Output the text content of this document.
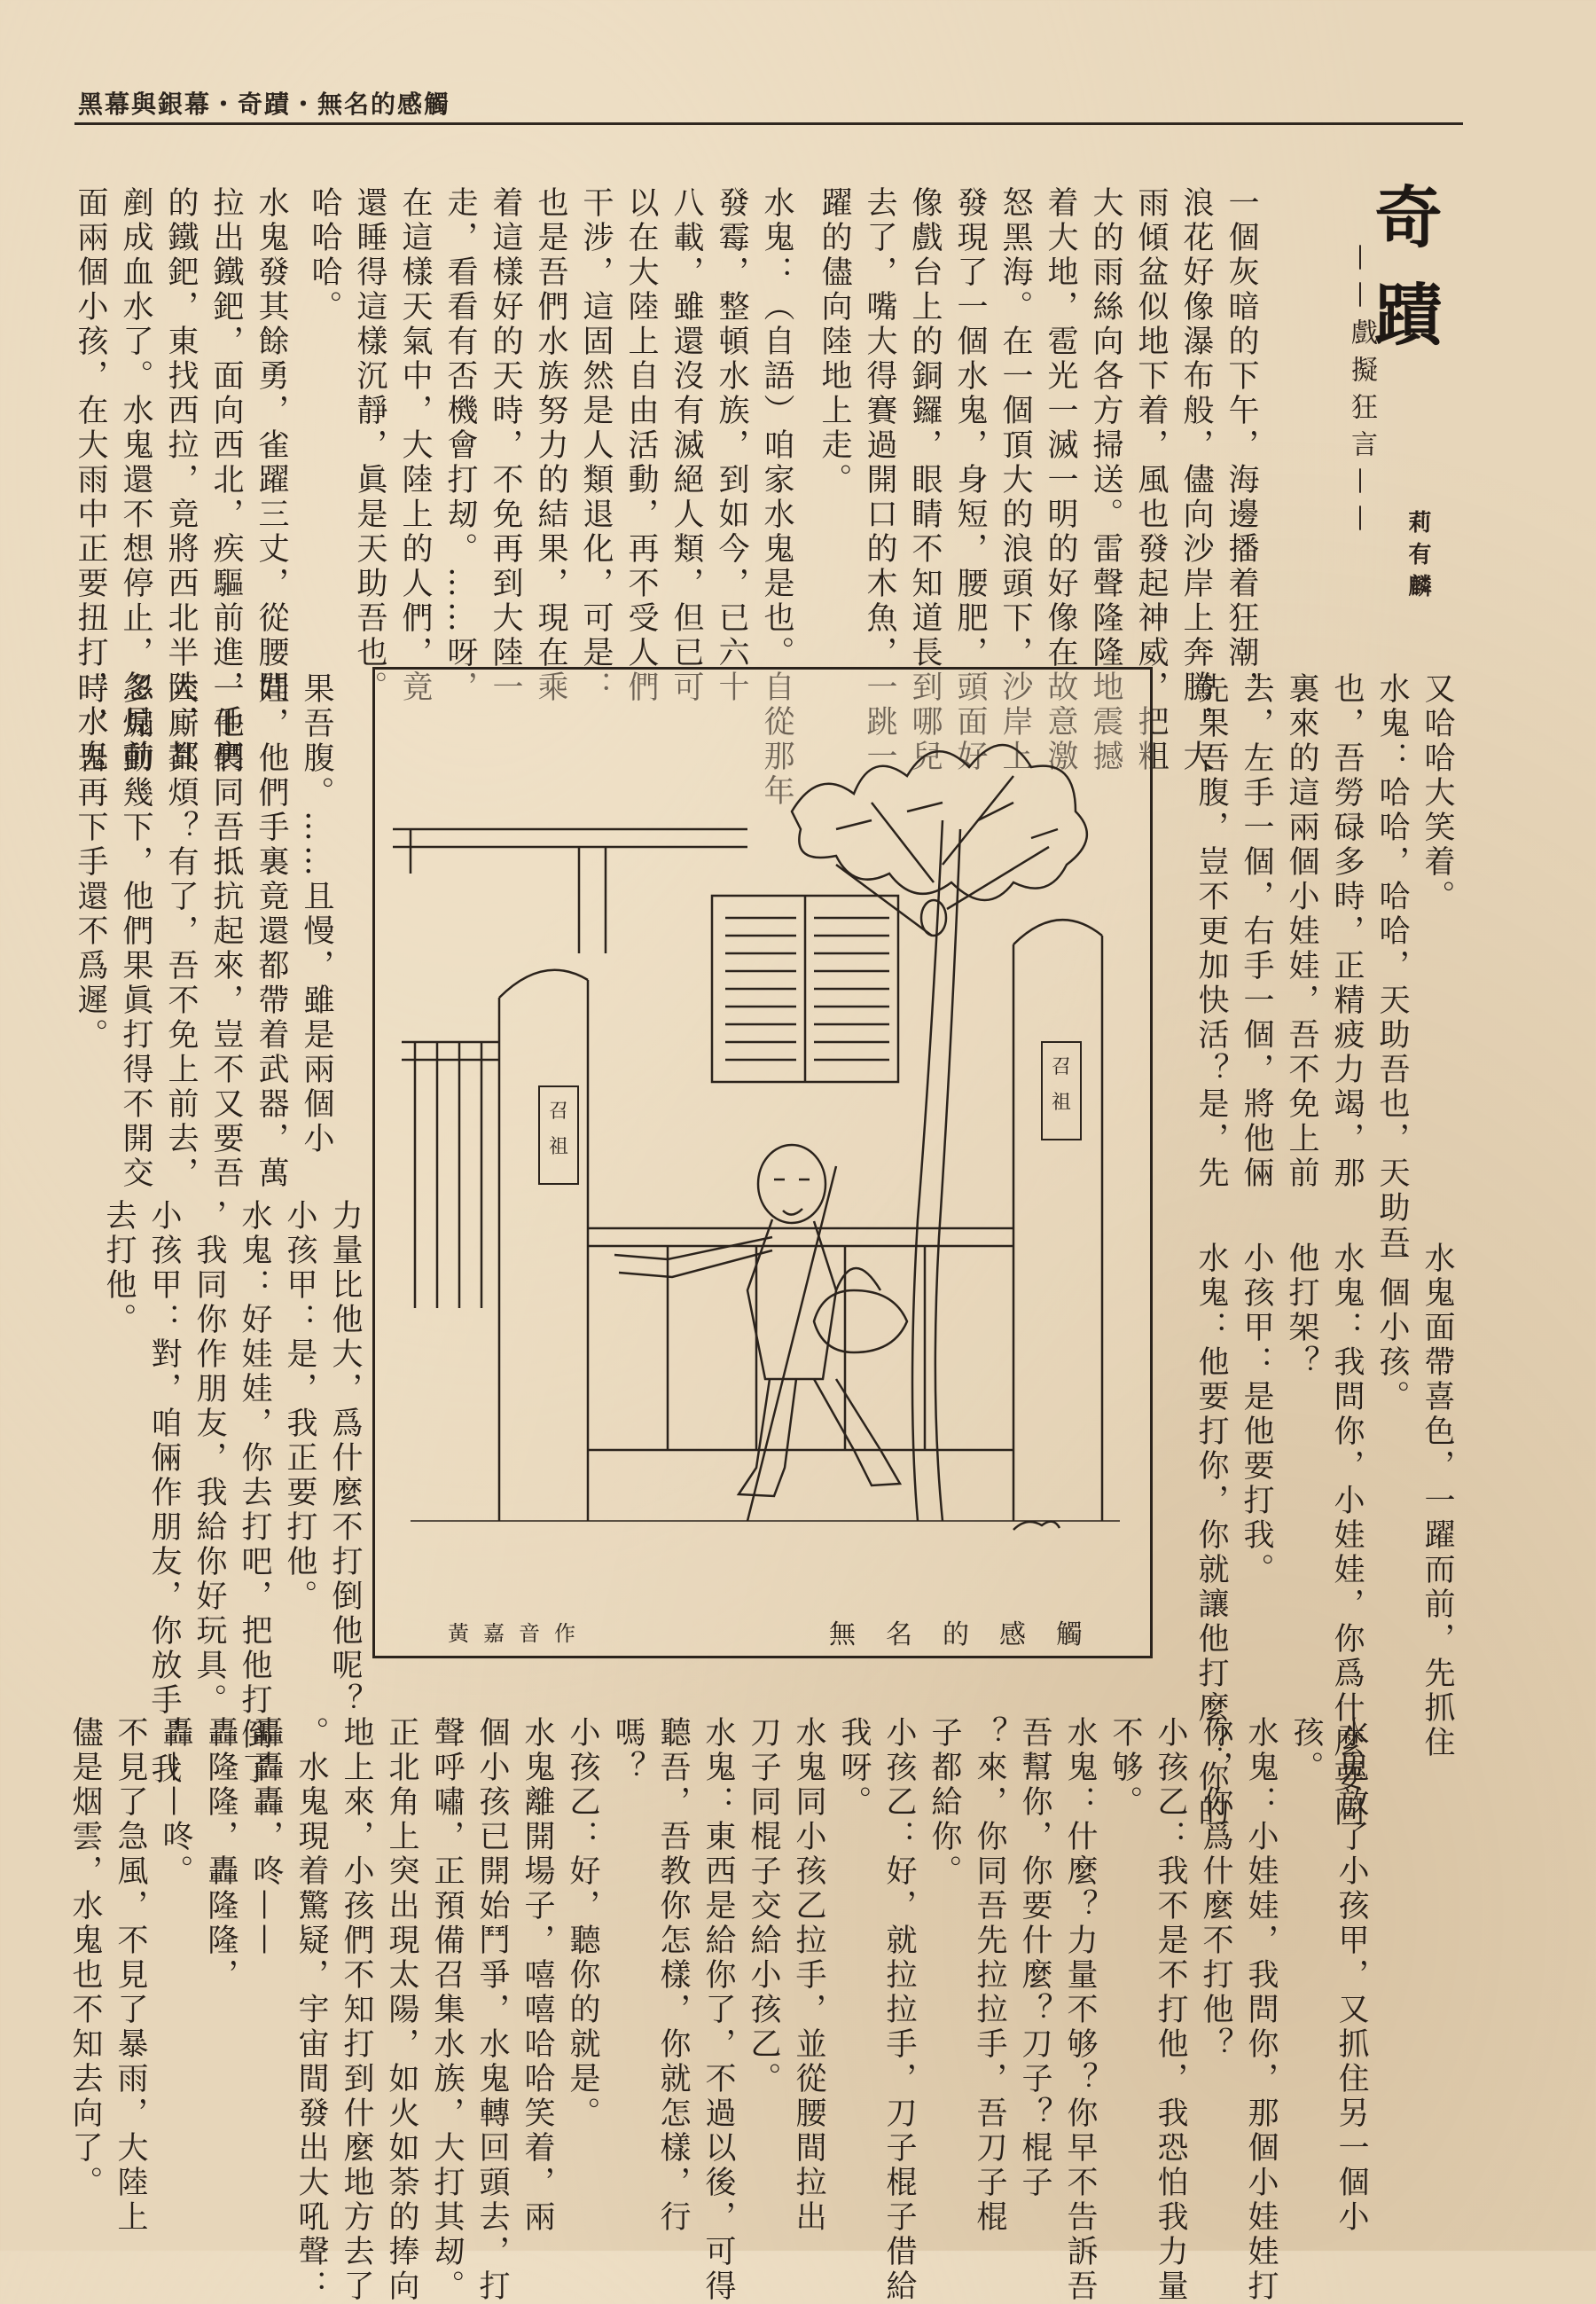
黑幕與銀幕・奇蹟・無名的感觸
奇蹟
——戲擬狂言——
莉有麟
一個灰暗的下午，海邊播着狂潮，
浪花好像瀑布般，儘向沙岸上奔騰，大
雨傾盆似地下着，風也發起神威，把粗
大的雨絲向各方掃送。雷聲隆隆地震撼
着大地，雹光一滅一明的好像在故意激
怒黑海。在一個頂大的浪頭下，沙岸上
發現了一個水鬼，身短，腰肥，頭面好
像戲台上的銅鑼，眼睛不知道長到哪兒
去了，嘴大得賽過開口的木魚，一跳一
躍的儘向陸地上走。
水鬼：（自語）咱家水鬼是也。自從那年
發霉，整頓水族，到如今，已六十
八載，雖還沒有滅絕人類，但已可
以在大陸上自由活動，再不受人們
干涉，這固然是人類退化，可是：
也是吾們水族努力的結果，現在乘
着這樣好的天時，不免再到大陸一
走，看看有否機會打刼。……呀，
在這樣天氣中，大陸上的人們，竟
還睡得這樣沉靜，眞是天助吾也。
哈哈哈。
水鬼發其餘勇，雀躍三丈，從腰間
拉出鐵鈀，面向西北，疾驅前進，手裏
的鐵鈀，東找西拉，竟將西北半陸，都
剷成血水了。水鬼還不想停止，忽見前
面兩個小孩，在大雨中正要扭打，水鬼
又哈哈大笑着。
水鬼：哈哈，哈哈，天助吾也，天助吾
也，吾勞碌多時，正精疲力竭，那
裏來的這兩個小娃娃，吾不免上前
去，左手一個，右手一個，將他倆
先果吾腹，豈不更加快活？是，先
果吾腹。……且慢，雖是兩個小
娃，他們手裏竟還都帶着武器，萬
一他們同吾抵抗起來，豈不又要吾
大廝其煩？有了，吾不免上前去，
多煽動幾下，他們果眞打得不開交
時，吾再下手還不爲遲。
水鬼面帶喜色，一躍而前，先抓住
一個小孩。
水鬼：我問你，小娃娃，你爲什麼要同
他打架？
小孩甲：是他要打我。
水鬼：他要打你，你就讓他打麼？你的
力量比他大，爲什麼不打倒他呢？
小孩甲：是，我正要打他。
水鬼：好娃娃，你去打吧，把他打倒了
，我同你作朋友，我給你好玩具。
小孩甲：對，咱倆作朋友，你放手，我
去打他。
水鬼放了小孩甲，又抓住另一個小
孩。
水鬼：小娃娃，我問你，那個小娃娃打
你，你爲什麼不打他？
小孩乙：我不是不打他，我恐怕我力量
不够。
水鬼：什麼？力量不够？你早不告訴吾
吾幫你，你要什麼？刀子？棍子
？來，你同吾先拉拉手，吾刀子棍
子都給你。
小孩乙：好，就拉拉手，刀子棍子借給
我呀。
水鬼同小孩乙拉手，並從腰間拉出
刀子同棍子交給小孩乙。
水鬼：東西是給你了，不過以後，可得
聽吾，吾教你怎樣，你就怎樣，行
嗎？
小孩乙：好，聽你的就是。
水鬼離開場子，嘻嘻哈哈笑着，兩
個小孩已開始鬥爭，水鬼轉回頭去，打
聲呼嘯，正預備召集水族，大打其刼。
正北角上突出現太陽，如火如荼的捧向
地上來，小孩們不知打到什麼地方去了
。水鬼現着驚疑，宇宙間發出大吼聲：
轟轟轟，咚——
轟隆隆，轟隆隆，
轟——咚。
不見了急風，不見了暴雨，大陸上
儘是烟雲，水鬼也不知去向了。
召
祖
召
祖
黃嘉音作	無名的感觸
